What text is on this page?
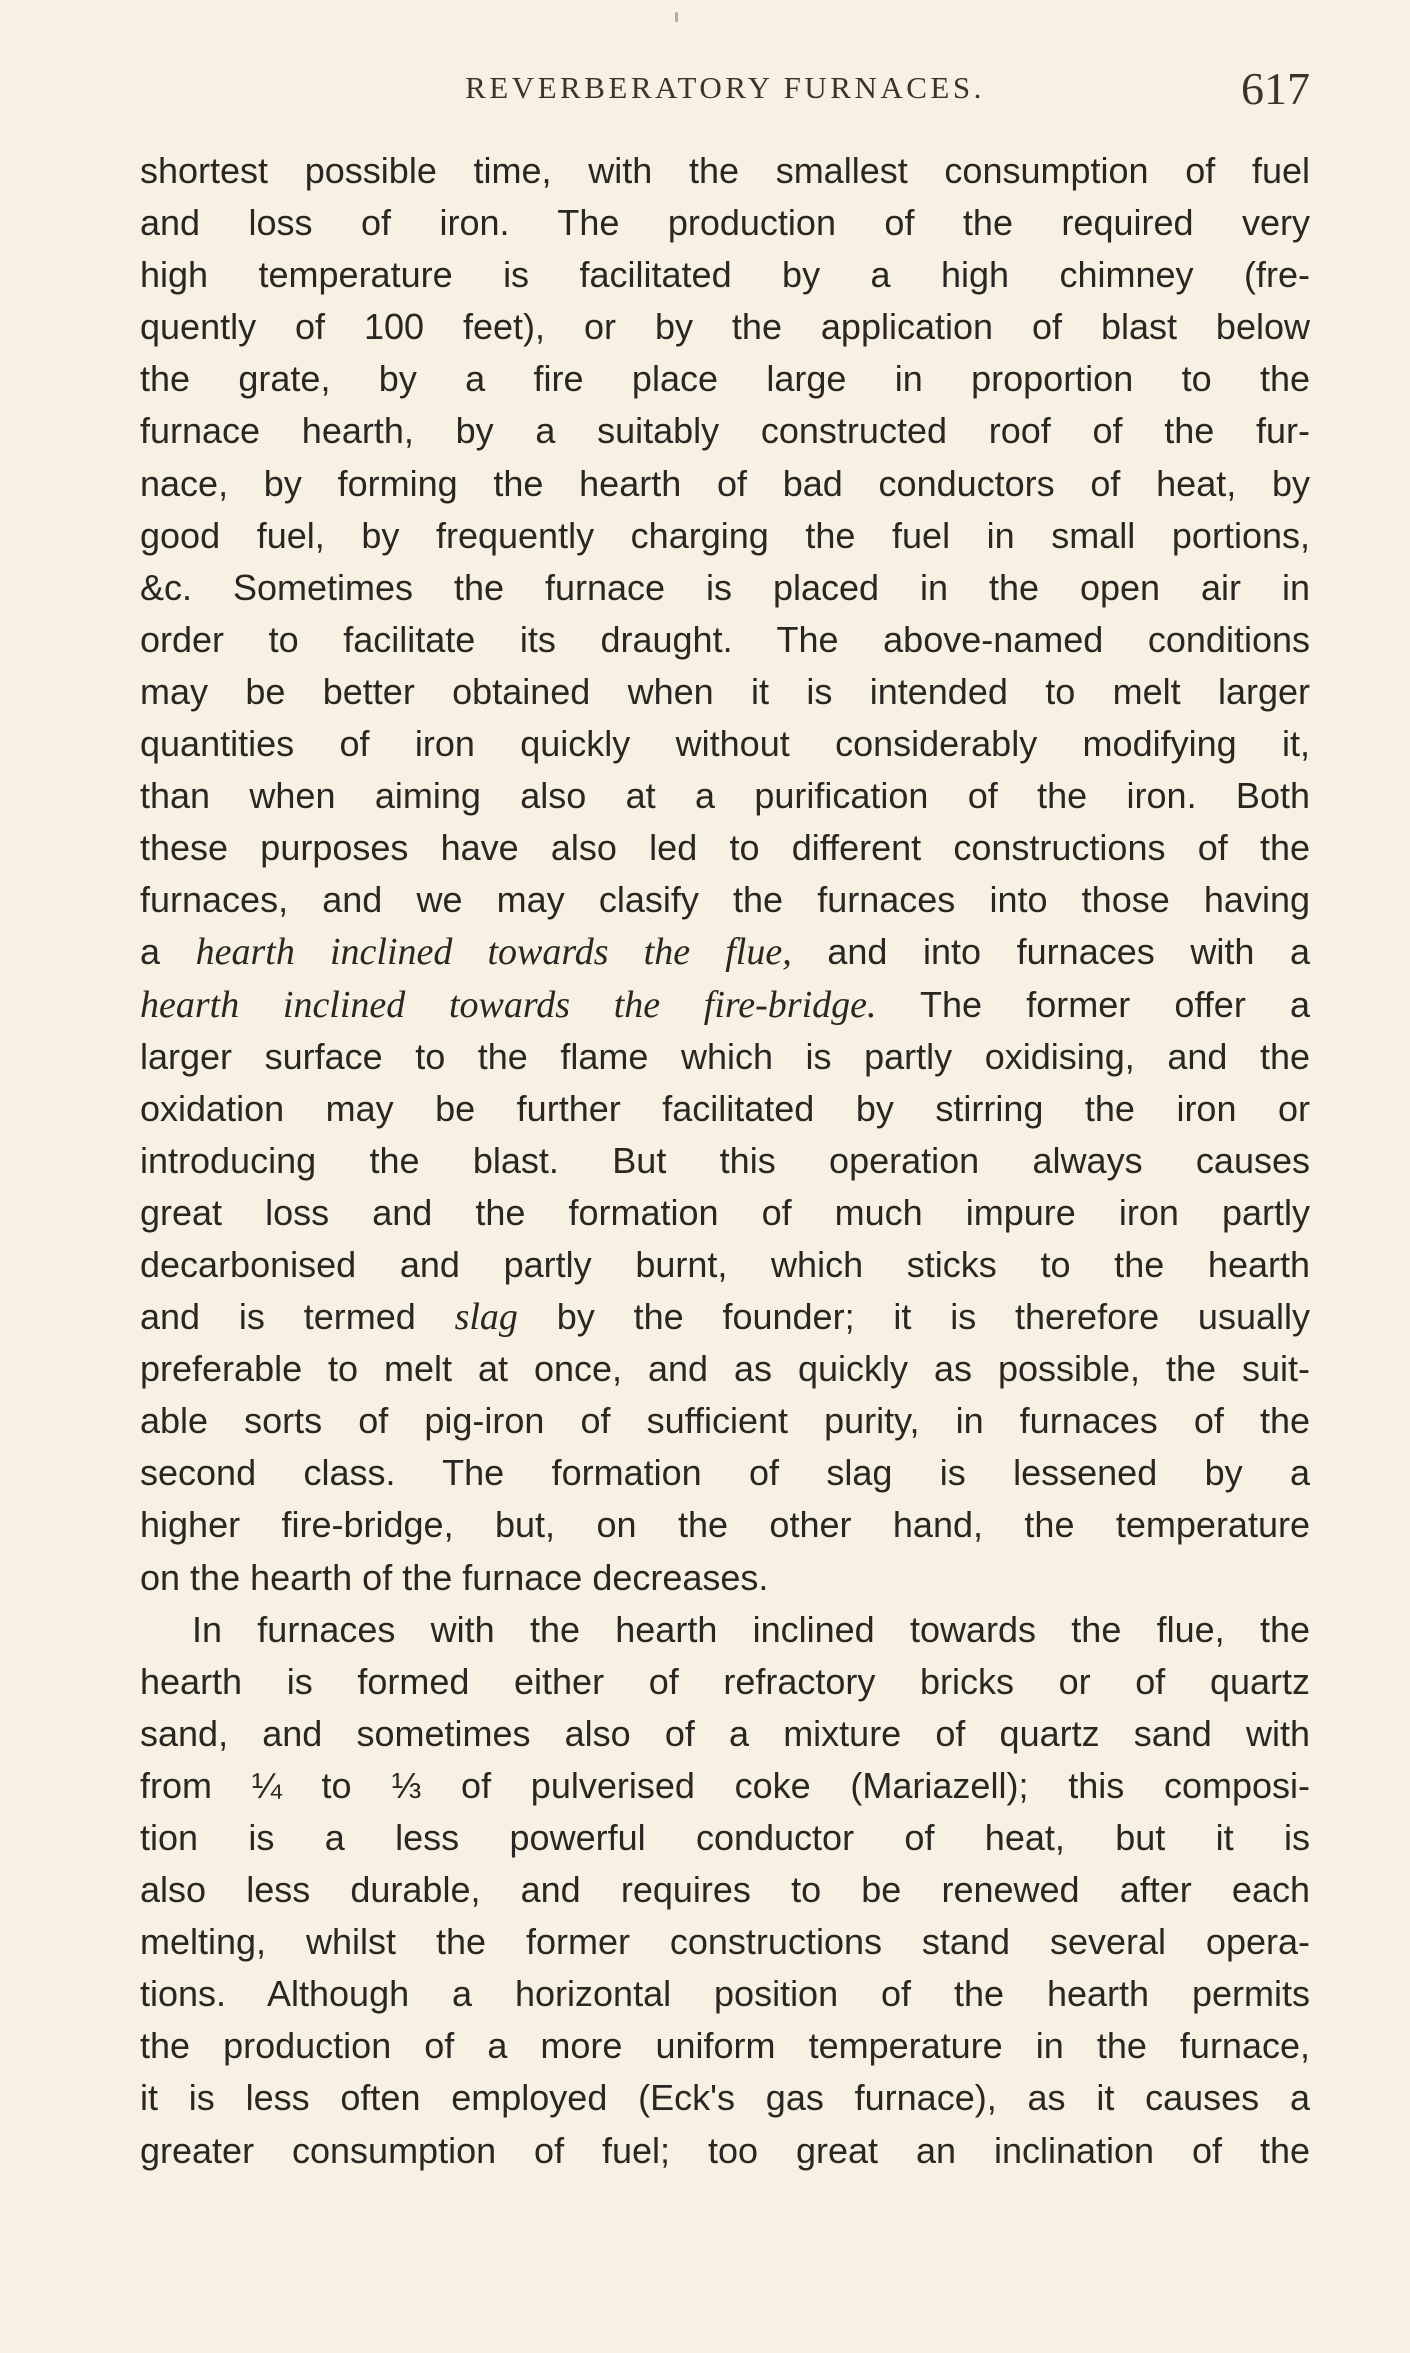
REVERBERATORY FURNACES.	617
shortest possible time, with the smallest consumption of fuel
and loss of iron. The production of the required very
high temperature is facilitated by a high chimney (fre-
quently of 100 feet), or by the application of blast below
the grate, by a fire place large in proportion to the
furnace hearth, by a suitably constructed roof of the fur-
nace, by forming the hearth of bad conductors of heat, by
good fuel, by frequently charging the fuel in small portions,
&c. Sometimes the furnace is placed in the open air in
order to facilitate its draught. The above-named conditions
may be better obtained when it is intended to melt larger
quantities of iron quickly without considerably modifying it,
than when aiming also at a purification of the iron. Both
these purposes have also led to different constructions of the
furnaces, and we may clasify the furnaces into those having
a hearth inclined towards the flue, and into furnaces with a
hearth inclined towards the fire-bridge. The former offer a
larger surface to the flame which is partly oxidising, and the
oxidation may be further facilitated by stirring the iron or
introducing the blast. But this operation always causes
great loss and the formation of much impure iron partly
decarbonised and partly burnt, which sticks to the hearth
and is termed slag by the founder; it is therefore usually
preferable to melt at once, and as quickly as possible, the suit-
able sorts of pig-iron of sufficient purity, in furnaces of the
second class. The formation of slag is lessened by a
higher fire-bridge, but, on the other hand, the temperature
on the hearth of the furnace decreases.
In furnaces with the hearth inclined towards the flue, the
hearth is formed either of refractory bricks or of quartz
sand, and sometimes also of a mixture of quartz sand with
from ¼ to ⅓ of pulverised coke (Mariazell); this composi-
tion is a less powerful conductor of heat, but it is
also less durable, and requires to be renewed after each
melting, whilst the former constructions stand several opera-
tions. Although a horizontal position of the hearth permits
the production of a more uniform temperature in the furnace,
it is less often employed (Eck's gas furnace), as it causes a
greater consumption of fuel; too great an inclination of the
